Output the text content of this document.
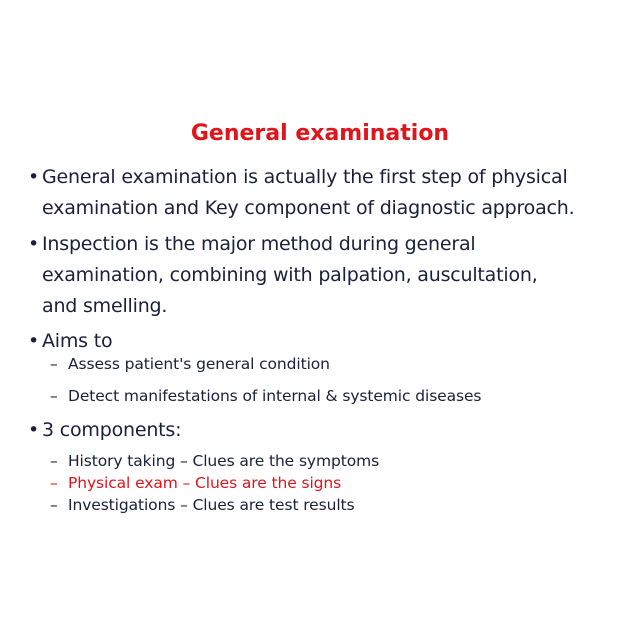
General examination
• General examination is actually the first step of physical
examination and Key component of diagnostic approach.
• Inspection is the major method during general
examination, combining with palpation, auscultation,
and smelling.
• Aims to
– Assess patient's general condition
– Detect manifestations of internal & systemic diseases
• 3 components:
– History taking – Clues are the symptoms
– Physical exam – Clues are the signs
– Investigations – Clues are test results
